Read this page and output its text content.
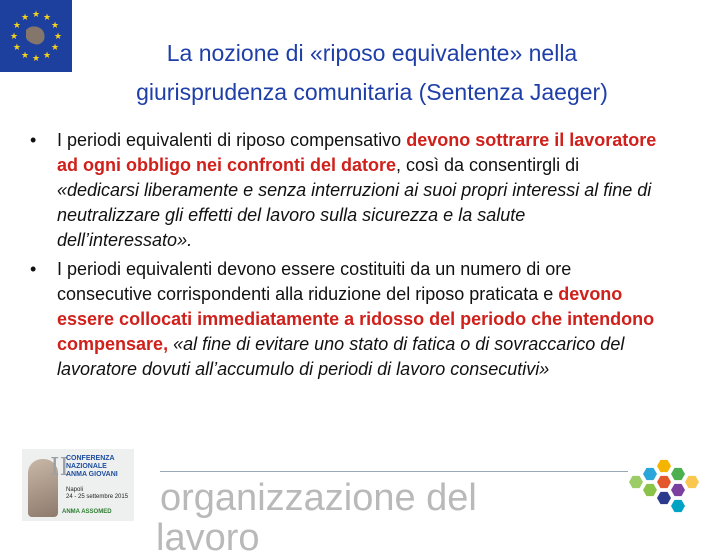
★ ★
★
★
★
★
★
★
★
★
★
★
La nozione di «riposo equivalente» nella
giurisprudenza comunitaria (Sentenza Jaeger)
•	I periodi equivalenti di riposo compensativo devono sottrarre il lavoratore ad ogni obbligo nei confronti del datore, così da consentirgli di «dedicarsi liberamente e senza interruzioni ai suoi propri interessi al fine di neutralizzare gli effetti del lavoro sulla sicurezza e la salute dell’interessato».
•	I periodi equivalenti devono essere costituiti da un numero di ore consecutive corrispondenti alla riduzione del riposo praticata e devono essere collocati immediatamente a ridosso del periodo che intendono compensare, «al fine di evitare uno stato di fatica o di sovraccarico del lavoratore dovuti all’accumulo di periodi di lavoro consecutivi»
II
CONFERENZA
NAZIONALE
ANMA GIOVANI
Napoli
24 - 25 settembre 2015
ANMA ASSOMED	organizzazione del
lavoro
